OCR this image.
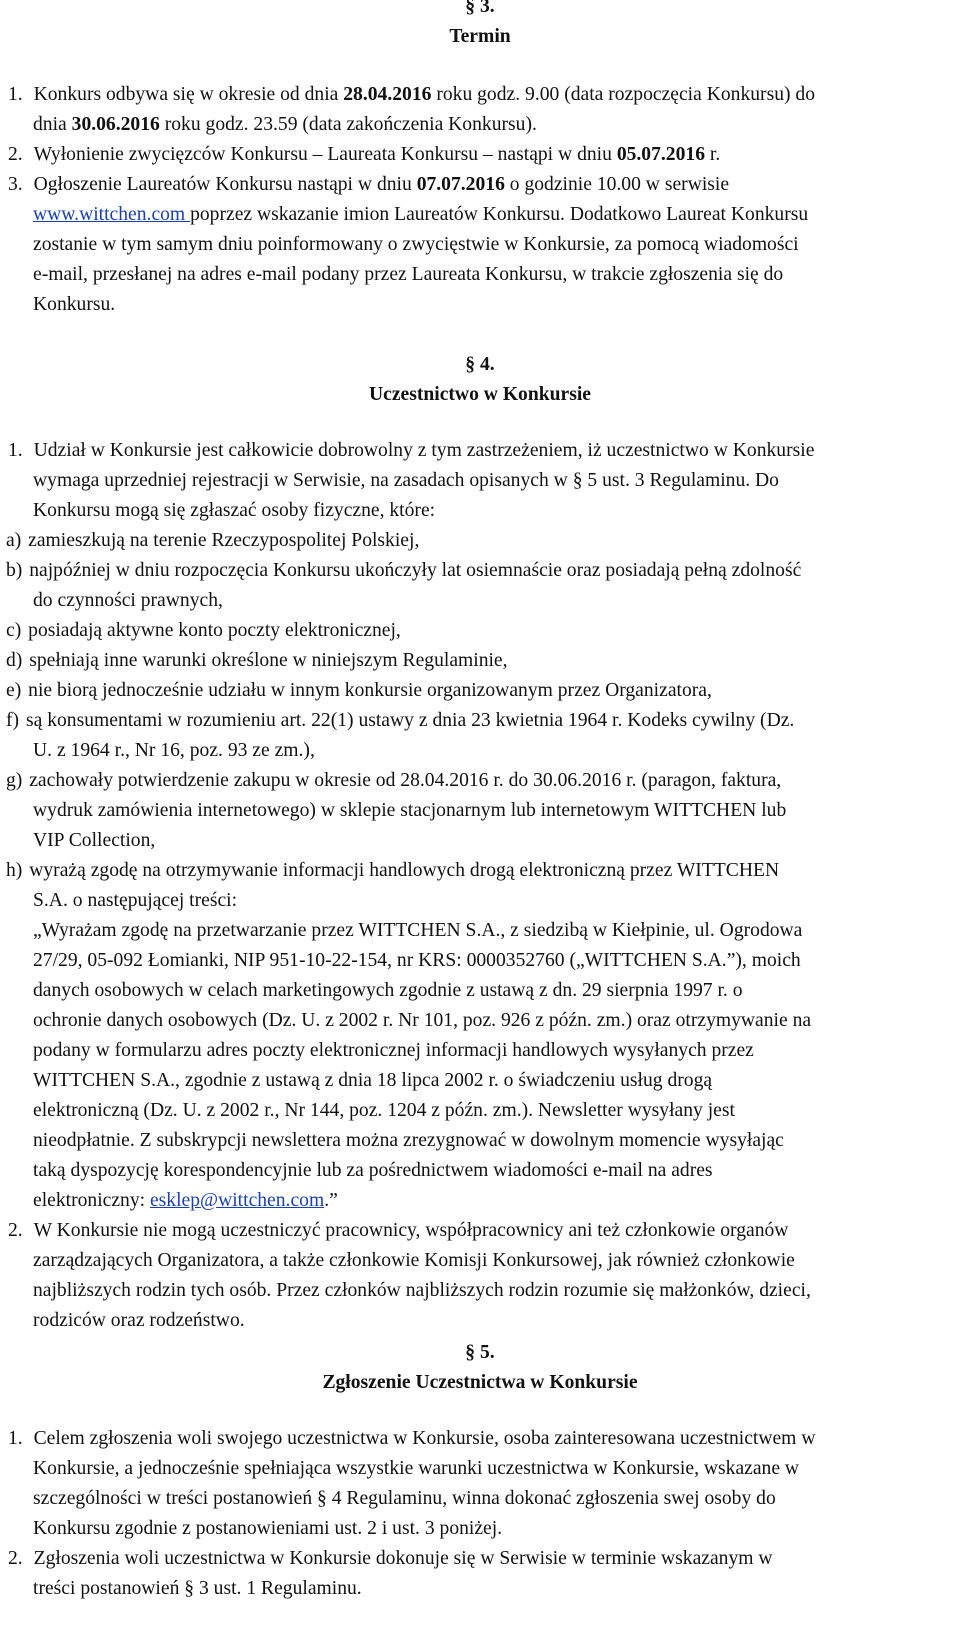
§ 3.
Termin
1. Konkurs odbywa się w okresie od dnia 28.04.2016 roku godz. 9.00 (data rozpoczęcia Konkursu) do
dnia 30.06.2016 roku godz. 23.59 (data zakończenia Konkursu).
2. Wyłonienie zwycięzców Konkursu – Laureata Konkursu – nastąpi w dniu 05.07.2016 r.
3. Ogłoszenie Laureatów Konkursu nastąpi w dniu 07.07.2016 o godzinie 10.00 w serwisie
www.wittchen.com poprzez wskazanie imion Laureatów Konkursu. Dodatkowo Laureat Konkursu
zostanie w tym samym dniu poinformowany o zwycięstwie w Konkursie, za pomocą wiadomości
e-mail, przesłanej na adres e-mail podany przez Laureata Konkursu, w trakcie zgłoszenia się do
Konkursu.
§ 4.
Uczestnictwo w Konkursie
1. Udział w Konkursie jest całkowicie dobrowolny z tym zastrzeżeniem, iż uczestnictwo w Konkursie
wymaga uprzedniej rejestracji w Serwisie, na zasadach opisanych w § 5 ust. 3 Regulaminu. Do
Konkursu mogą się zgłaszać osoby fizyczne, które:
a) zamieszkują na terenie Rzeczypospolitej Polskiej,
b) najpóźniej w dniu rozpoczęcia Konkursu ukończyły lat osiemnaście oraz posiadają pełną zdolność
do czynności prawnych,
c) posiadają aktywne konto poczty elektronicznej,
d) spełniają inne warunki określone w niniejszym Regulaminie,
e) nie biorą jednocześnie udziału w innym konkursie organizowanym przez Organizatora,
f) są konsumentami w rozumieniu art. 22(1) ustawy z dnia 23 kwietnia 1964 r. Kodeks cywilny (Dz.
U. z 1964 r., Nr 16, poz. 93 ze zm.),
g) zachowały potwierdzenie zakupu w okresie od 28.04.2016 r. do 30.06.2016 r. (paragon, faktura,
wydruk zamówienia internetowego) w sklepie stacjonarnym lub internetowym WITTCHEN lub
VIP Collection,
h) wyrażą zgodę na otrzymywanie informacji handlowych drogą elektroniczną przez WITTCHEN
S.A. o następującej treści:
„Wyrażam zgodę na przetwarzanie przez WITTCHEN S.A., z siedzibą w Kiełpinie, ul. Ogrodowa
27/29, 05-092 Łomianki, NIP 951-10-22-154, nr KRS: 0000352760 („WITTCHEN S.A.”), moich
danych osobowych w celach marketingowych zgodnie z ustawą z dn. 29 sierpnia 1997 r. o
ochronie danych osobowych (Dz. U. z 2002 r. Nr 101, poz. 926 z późn. zm.) oraz otrzymywanie na
podany w formularzu adres poczty elektronicznej informacji handlowych wysyłanych przez
WITTCHEN S.A., zgodnie z ustawą z dnia 18 lipca 2002 r. o świadczeniu usług drogą
elektroniczną (Dz. U. z 2002 r., Nr 144, poz. 1204 z późn. zm.). Newsletter wysyłany jest
nieodpłatnie. Z subskrypcji newslettera można zrezygnować w dowolnym momencie wysyłając
taką dyspozycję korespondencyjnie lub za pośrednictwem wiadomości e-mail na adres
elektroniczny: esklep@wittchen.com.”
2. W Konkursie nie mogą uczestniczyć pracownicy, współpracownicy ani też członkowie organów
zarządzających Organizatora, a także członkowie Komisji Konkursowej, jak również członkowie
najbliższych rodzin tych osób. Przez członków najbliższych rodzin rozumie się małżonków, dzieci,
rodziców oraz rodzeństwo.
§ 5.
Zgłoszenie Uczestnictwa w Konkursie
1. Celem zgłoszenia woli swojego uczestnictwa w Konkursie, osoba zainteresowana uczestnictwem w
Konkursie, a jednocześnie spełniająca wszystkie warunki uczestnictwa w Konkursie, wskazane w
szczególności w treści postanowień § 4 Regulaminu, winna dokonać zgłoszenia swej osoby do
Konkursu zgodnie z postanowieniami ust. 2 i ust. 3 poniżej.
2. Zgłoszenia woli uczestnictwa w Konkursie dokonuje się w Serwisie w terminie wskazanym w
treści postanowień § 3 ust. 1 Regulaminu.
